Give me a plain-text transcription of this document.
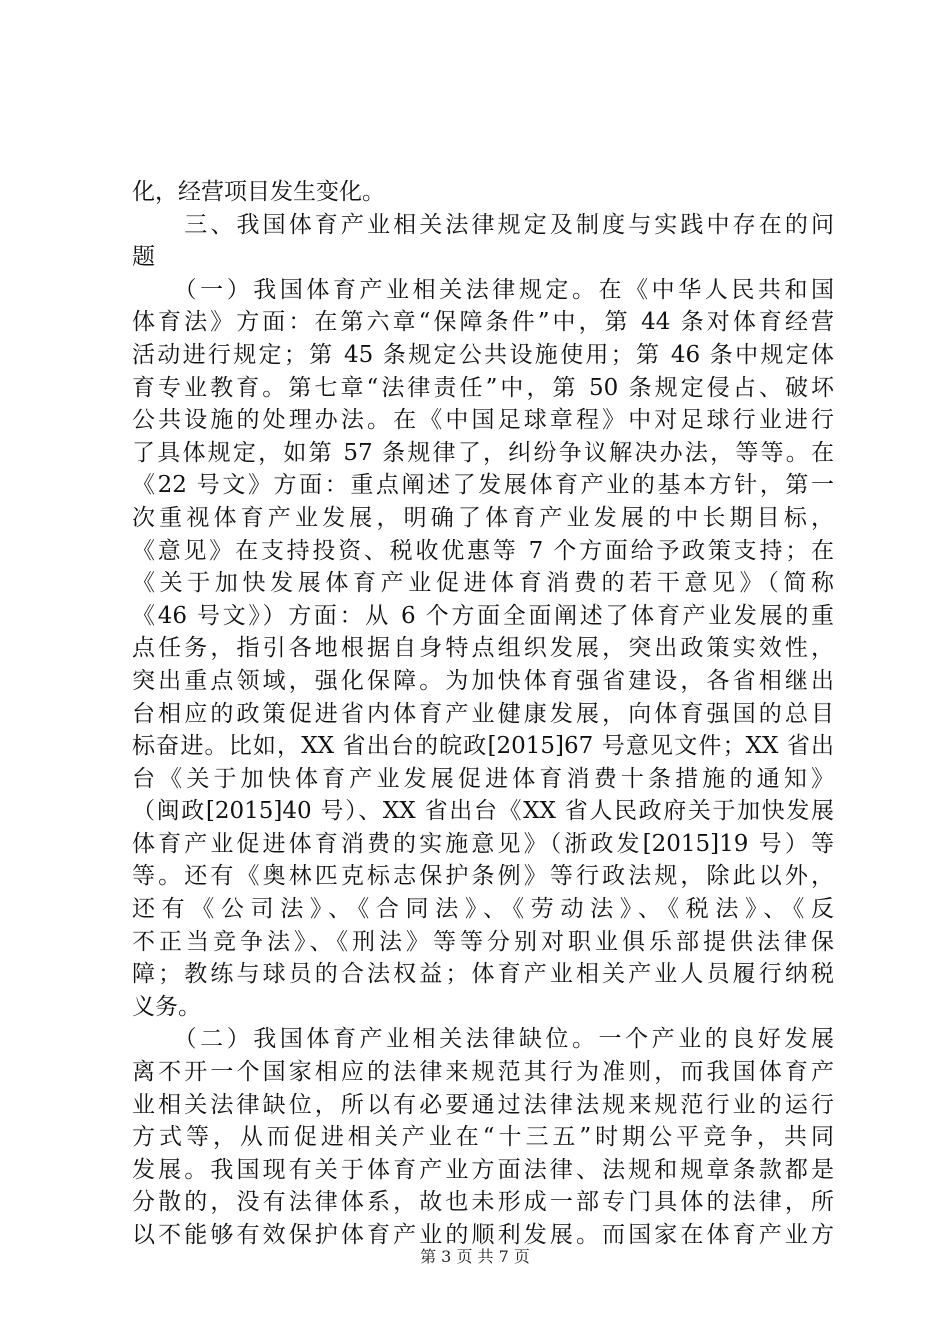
化，经营项目发生变化。
　　三、我国体育产业相关法律规定及制度与实践中存在的问
题
　　（一）我国体育产业相关法律规定。在《中华人民共和国
体育法》方面：在第六章“保障条件”中，第 44 条对体育经营
活动进行规定；第 45 条规定公共设施使用；第 46 条中规定体
育专业教育。第七章“法律责任”中，第 50 条规定侵占、破坏
公共设施的处理办法。在《中国足球章程》中对足球行业进行
了具体规定，如第 57 条规律了，纠纷争议解决办法，等等。在
《22 号文》方面：重点阐述了发展体育产业的基本方针，第一
次重视体育产业发展，明确了体育产业发展的中长期目标，
《意见》在支持投资、税收优惠等 7 个方面给予政策支持；在
《关于加快发展体育产业促进体育消费的若干意见》（简称
《46 号文》）方面：从 6 个方面全面阐述了体育产业发展的重
点任务，指引各地根据自身特点组织发展，突出政策实效性，
突出重点领域，强化保障。为加快体育强省建设，各省相继出
台相应的政策促进省内体育产业健康发展，向体育强国的总目
标奋进。比如，XX 省出台的皖政[2015]67 号意见文件；XX 省出
台《关于加快体育产业发展促进体育消费十条措施的通知》
（闽政[2015]40 号）、XX 省出台《XX 省人民政府关于加快发展
体育产业促进体育消费的实施意见》（浙政发[2015]19 号）等
等。还有《奥林匹克标志保护条例》等行政法规，除此以外，
还有《公司法》、《合同法》、《劳动法》、《税法》、《反
不正当竞争法》、《刑法》等等分别对职业俱乐部提供法律保
障；教练与球员的合法权益；体育产业相关产业人员履行纳税
义务。
　　（二）我国体育产业相关法律缺位。一个产业的良好发展
离不开一个国家相应的法律来规范其行为准则，而我国体育产
业相关法律缺位，所以有必要通过法律法规来规范行业的运行
方式等，从而促进相关产业在“十三五”时期公平竞争，共同
发展。我国现有关于体育产业方面法律、法规和规章条款都是
分散的，没有法律体系，故也未形成一部专门具体的法律，所
以不能够有效保护体育产业的顺利发展。而国家在体育产业方
第 3 页 共 7 页
